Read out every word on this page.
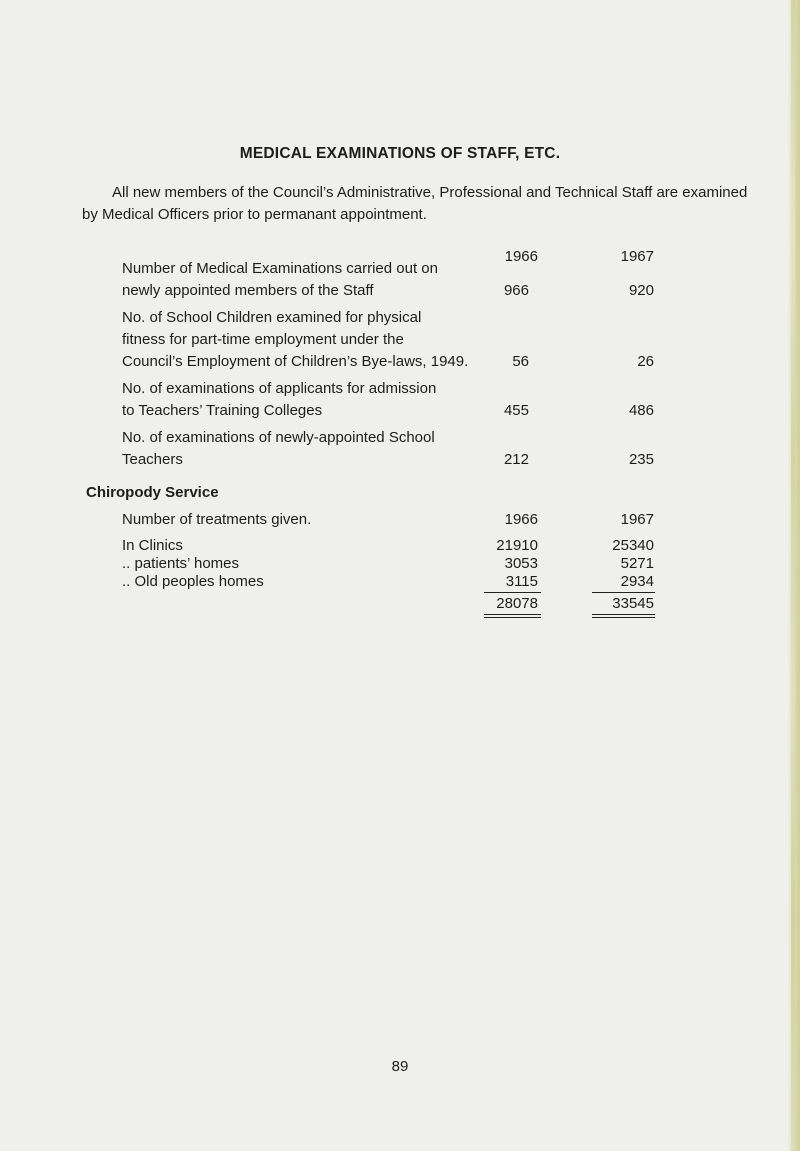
MEDICAL EXAMINATIONS OF STAFF, ETC.
All new members of the Council’s Administrative, Professional and Technical Staff are examined
by Medical Officers prior to permanant appointment.
1966	1967
Number of Medical Examinations carried out on
newly appointed members of the Staff	966	920
No. of School Children examined for physical
fitness for part-time employment under the
Council’s Employment of Children’s Bye-laws, 1949.	56	26
No. of examinations of applicants for admission
to Teachers’ Training Colleges	455	486
No. of examinations of newly-appointed School
Teachers	212	235
Chiropody Service
Number of treatments given.	1966	1967
In Clinics	21910	25340
.. patients’ homes	3053	5271
.. Old peoples homes	3115	2934
28078	33545
89
